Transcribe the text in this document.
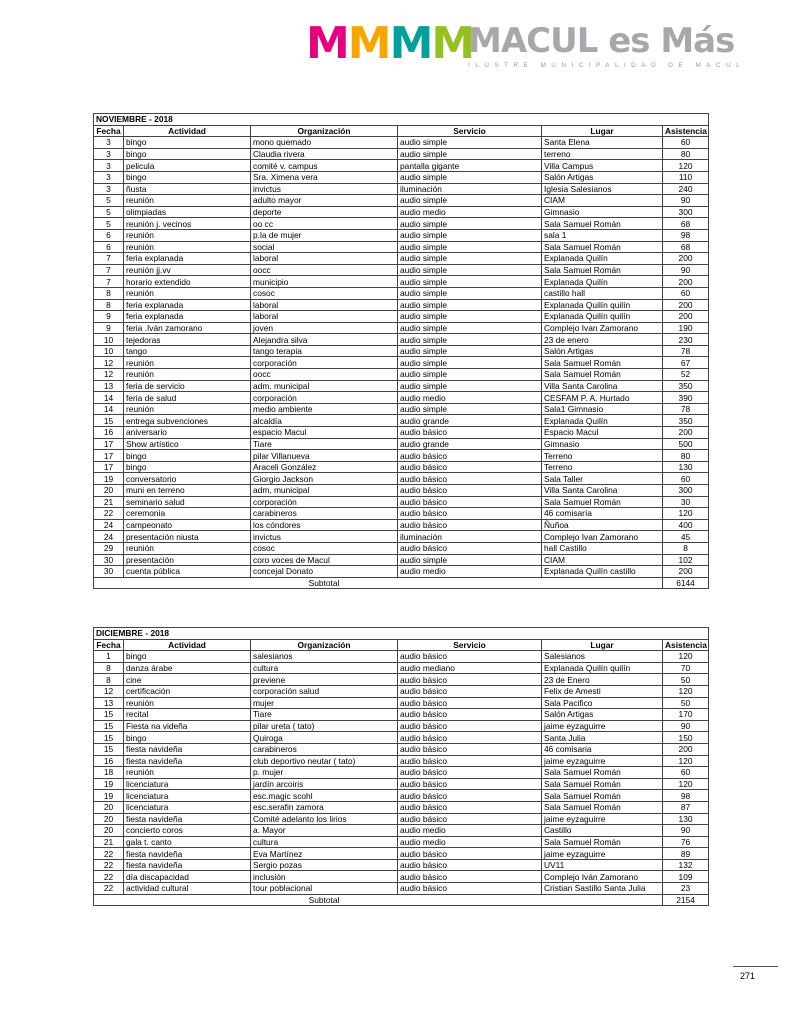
MMMM
MACUL es Más
ILUSTRE MUNICIPALIDAD DE MACUL
NOVIEMBRE - 2018					
Fecha	Actividad	Organización	Servicio	Lugar	Asistencia
3	bingo	mono quemado	audio simple	Santa Elena	60
3	bingo	Claudia rivera	audio simple	terreno	80
3	pelicula	comité v. campus	pantalla gigante	Villa Campus	120
3	bingo	Sra. Ximena vera	audio simple	Salón Artigas	110
3	ñusta	invictus	iluminación	Iglesia Salesianos	240
5	reunión	adulto mayor	audio simple	CIAM	90
5	olimpiadas	deporte	audio medio	Gimnasio	300
5	reunión j. vecinos	oo cc	audio simple	Sala Samuel Román	68
6	reunión	p.la de mujer	audio simple	sala 1	98
6	reunión	social	audio simple	Sala Samuel Román	68
7	feria explanada	laboral	audio simple	Explanada Quilín	200
7	reunión jj.vv	oocc	audio simple	Sala Samuel Román	90
7	horario extendido	municipio	audio simple	Explanada Quilín	200
8	reunión	cosoc	audio simple	castillo hall	60
8	feria explanada	laboral	audio simple	Explanada Quilín quilín	200
9	feria explanada	laboral	audio simple	Explanada Quilín quilín	200
9	feria .Iván zamorano	joven	audio simple	Complejo Ivan Zamorano	190
10	tejedoras	Alejandra silva	audio simple	23 de enero	230
10	tango	tango terapia	audio simple	Salón Artigas	78
12	reunión	corporación	audio simple	Sala Samuel Román	67
12	reunión	oocc	audio simple	Sala Samuel Román	52
13	feria de servicio	adm. municipal	audio simple	Villa Santa Carolina	350
14	feria de salud	corporación	audio medio	CESFAM P. A. Hurtado	390
14	reunión	medio ambiente	audio simple	Sala1 Gimnasio	78
15	entrega subvenciones	alcaldía	audio grande	Explanada Quilín	350
16	aniversario	espacio Macul	audio básico	Espacio Macul	200
17	Show artístico	Tiare	audio grande	Gimnasio	500
17	bingo	pilar Villanueva	audio básico	Terreno	80
17	bingo	Araceli González	audio básico	Terreno	130
19	conversatorio	Giorgio Jackson	audio básico	Sala Taller	60
20	muni en terreno	adm, municipal	audio básico	Villa Santa Carolina	300
21	seminario salud	corporación	audio básico	Sala Samuel Román	30
22	ceremonia	carabineros	audio básico	46 comisaría	120
24	campeonato	los cóndores	audio básico	Ñuñoa	400
24	presentación niusta	invictus	iluminación	Complejo Ivan Zamorano	45
29	reunión	cosoc	audio básico	hall Castillo	8
30	presentación	coro voces de Macul	audio simple	CIAM	102
30	cuenta pública	concejal Donato	audio medio	Explanada Quilín castillo	200
		Subtotal			6144
DICIEMBRE - 2018					
Fecha	Actividad	Organización	Servicio	Lugar	Asistencia
1	bingo	salesianos	audio básico	Salesianos	120
8	danza árabe	cultura	audio mediano	Explanada Quilín quilín	70
8	cine	previene	audio básico	23 de Enero	50
12	certificación	corporación salud	audio básico	Felix de Amesti	120
13	reunión	mujer	audio básico	Sala Pacifico	50
15	recital	Tiare	audio básico	Salón Artigas	170
15	Fiesta na videña	pilar ureta ( tato)	audio básico	jaime eyzaguirre	90
15	bingo	Quiroga	audio básico	Santa Julia	150
15	fiesta navideña	carabineros	audio básico	46 comisaria	200
16	fiesta navideña	club deportivo neutar ( tato)	audio básico	jaime eyzaguirre	120
18	reunión	p. mujer	audio básico	Sala Samuel Román	60
19	licenciatura	jardín arcoiris	audio básico	Sala Samuel Román	120
19	licenciatura	esc.magic scohl	audio básico	Sala Samuel Román	98
20	licenciatura	esc.serafin zamora	audio básico	Sala Samuel Román	87
20	fiesta navideña	Comité adelanto los lirios	audio básico	jaime eyzaguirre	130
20	concierto coros	a. Mayor	audio medio	Castillo	90
21	gala t. canto	cultura	audio medio	Sala Samuel Román	76
22	fiesta navideña	Eva Martínez	audio básico	jaime eyzaguirre	89
22	fiesta navideña	Sergio pozas	audio básico	UV11	132
22	día discapacidad	inclusión	audio básico	Complejo Iván Zamorano	109
22	actividad cultural	tour poblacional	audio básico	Cristian Sastillo Santa Julia	23
		Subtotal			2154
271
